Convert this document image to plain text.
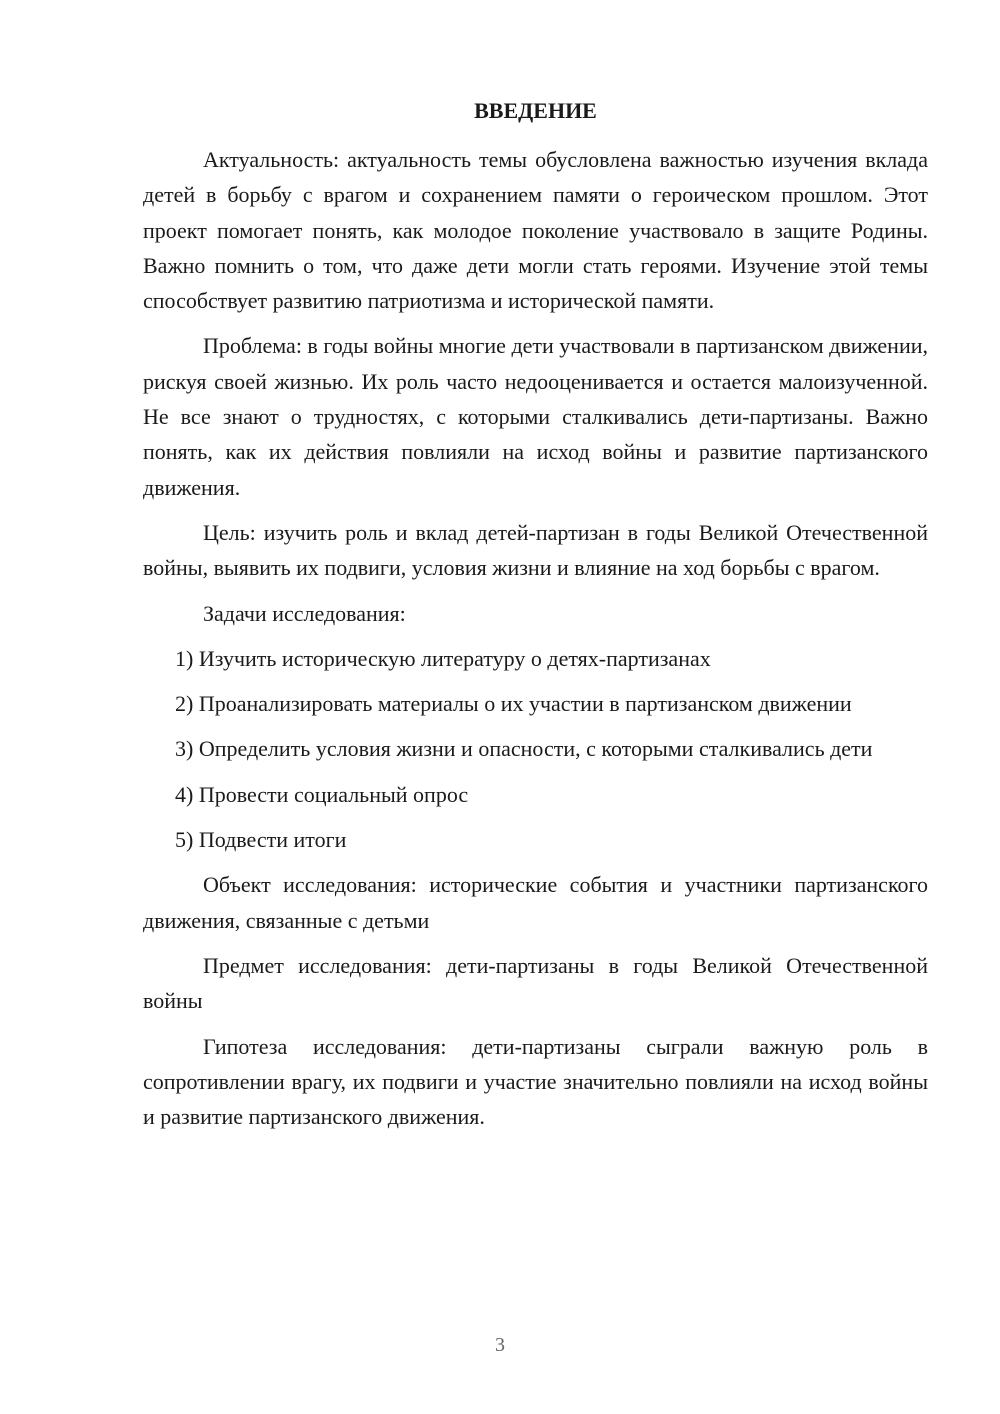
ВВЕДЕНИЕ

Актуальность: актуальность темы обусловлена важностью изучения вклада детей в борьбу с врагом и сохранением памяти о героическом прошлом. Этот проект помогает понять, как молодое поколение участвовало в защите Родины. Важно помнить о том, что даже дети могли стать героями. Изучение этой темы способствует развитию патриотизма и исторической памяти.

Проблема: в годы войны многие дети участвовали в партизанском движении, рискуя своей жизнью. Их роль часто недооценивается и остается малоизученной. Не все знают о трудностях, с которыми сталкивались дети-партизаны. Важно понять, как их действия повлияли на исход войны и развитие партизанского движения.

Цель: изучить роль и вклад детей-партизан в годы Великой Отечественной войны, выявить их подвиги, условия жизни и влияние на ход борьбы с врагом.

Задачи исследования:

1) Изучить историческую литературу о детях-партизанах

2) Проанализировать материалы о их участии в партизанском движении

3) Определить условия жизни и опасности, с которыми сталкивались дети

4) Провести социальный опрос

5) Подвести итоги

Объект исследования: исторические события и участники партизанского движения, связанные с детьми

Предмет исследования: дети-партизаны в годы Великой Отечественной войны

Гипотеза исследования: дети-партизаны сыграли важную роль в сопротивлении врагу, их подвиги и участие значительно повлияли на исход войны и развитие партизанского движения.

3
